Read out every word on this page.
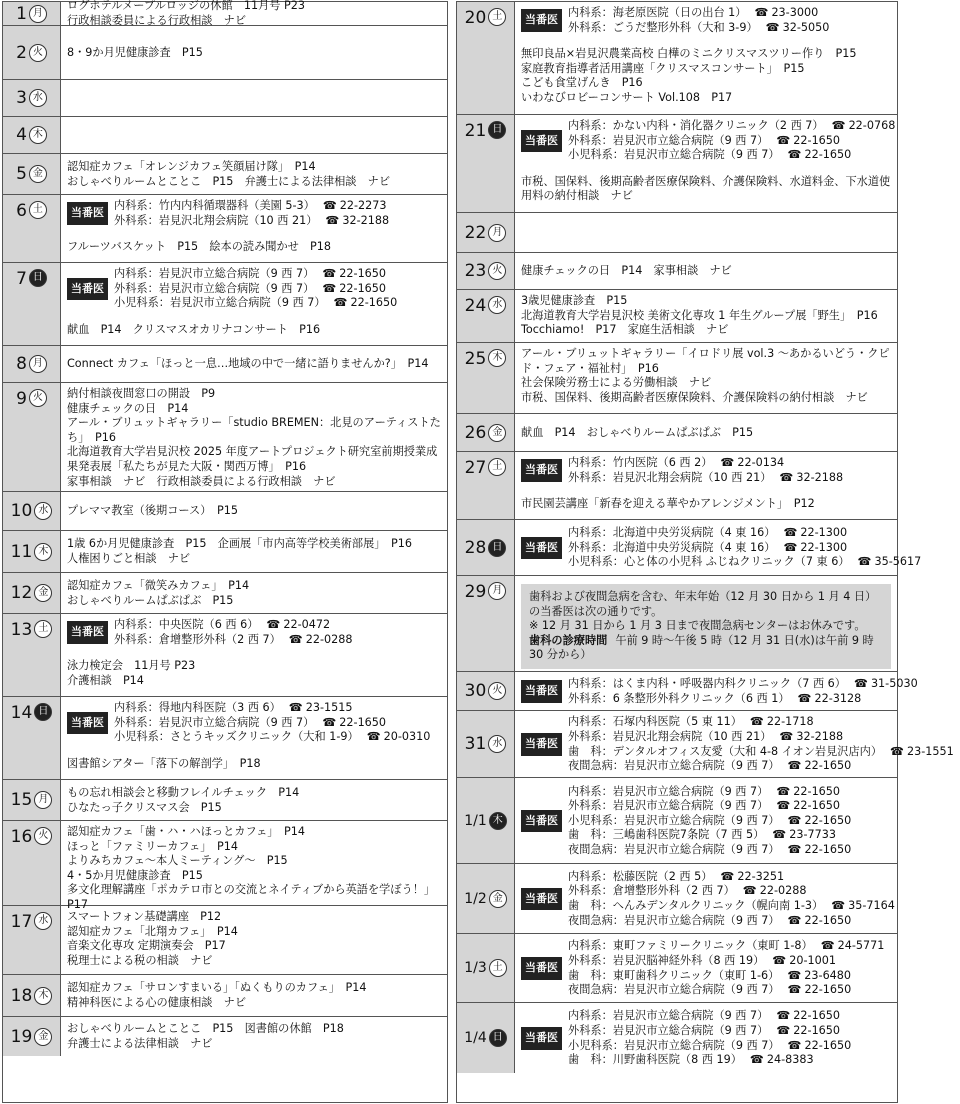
1 月
ログホテルメープルロッジの休館　11月号 P23
行政相談委員による行政相談　ナビ
2 火	8・9か月児健康診査　P15
3 水
4 木
5 金
認知症カフェ「オレンジカフェ笑顔届け隊」　P14
おしゃべりルームとことこ　P15　弁護士による法律相談　ナビ
6 土	当番医
内科系：竹内内科循環器科（美園 5-3） ☎ 22-2273
外科系：岩見沢北翔会病院（10 西 21） ☎ 32-2188
フルーツバスケット　P15　絵本の読み聞かせ　P18
7 日
当番医
内科系：岩見沢市立総合病院（9 西 7） ☎ 22-1650
外科系：岩見沢市立総合病院（9 西 7） ☎ 22-1650
小児科系：岩見沢市立総合病院（9 西 7） ☎ 22-1650
献血　P14　クリスマスオカリナコンサート　P16
8 月	Connect カフェ「ほっと一息…地域の中で一緒に語りませんか?」　P14
9 火	納付相談夜間窓口の開設　P9
健康チェックの日　P14
アール・ブリュットギャラリー「studio BREMEN：北見のアーティストたち」　P16
北海道教育大学岩見沢校 2025 年度アートプロジェクト研究室前期授業成果発表展「私たちが見た大阪・関西万博」　P16
家事相談　ナビ　行政相談委員による行政相談　ナビ
10 水	プレママ教室（後期コース）　P15
11 木
1歳 6か月児健康診査　P15　企画展「市内高等学校美術部展」　P16
人権困りごと相談　ナビ
12 金
認知症カフェ「微笑みカフェ」　P14
おしゃべりルームぱぶぱぶ　P15
13 土	当番医
内科系：中央医院（6 西 6） ☎ 22-0472
外科系：倉增整形外科（2 西 7） ☎ 22-0288
泳力検定会　11月号 P23
介護相談　P14
14 日
当番医
内科系：得地内科医院（3 西 6） ☎ 23-1515
外科系：岩見沢市立総合病院（9 西 7） ☎ 22-1650
小児科系：さとうキッズクリニック（大和 1-9） ☎ 20-0310
図書館シアター「落下の解剖学」　P18
15 月
もの忘れ相談会と移動フレイルチェック　P14
ひなたっ子クリスマス会　P15
16 火	認知症カフェ「歯・ハ・ハほっとカフェ」　P14
ほっと「ファミリーカフェ」　P14
よりみちカフェ～本人ミーティング～　P15
4・5か月児健康診査　P15
多文化理解講座「ポカテロ市との交流とネイティブから英語を学ぼう！」　P17
17 水	スマートフォン基礎講座　P12
認知症カフェ「北翔カフェ」　P14
音楽文化専攻 定期演奏会　P17
税理士による税の相談　ナビ
18 木
認知症カフェ「サロンすまいる」「ぬくもりのカフェ」　P14
精神科医による心の健康相談　ナビ
19 金
おしゃべりルームとことこ　P15　図書館の休館　P18
弁護士による法律相談　ナビ
20 土	当番医
内科系：海老原医院（日の出台 1） ☎ 23-3000
外科系：ごうだ整形外科（大和 3-9） ☎ 32-5050
無印良品×岩見沢農業高校 白樺のミニクリスマスツリー作り　P15
家庭教育指導者活用講座「クリスマスコンサート」　P15
こども食堂げんき　P16
いわなびロビーコンサート Vol.108　P17
21 日
当番医
内科系：かない内科・消化器クリニック（2 西 7） ☎ 22-0768
外科系：岩見沢市立総合病院（9 西 7） ☎ 22-1650
小児科系：岩見沢市立総合病院（9 西 7） ☎ 22-1650
市税、国保料、後期高齢者医療保険料、介護保険料、水道料金、下水道使用料の納付相談　ナビ
22 月
23 火	健康チェックの日　P14　家事相談　ナビ
24 水	3歳児健康診査　P15
北海道教育大学岩見沢校 美術文化専攻 1 年生グループ展「野生」　P16
Tocchiamo!　P17　家庭生活相談　ナビ
25 木	アール・ブリュットギャラリー「イロドリ展 vol.3 ～あかるいどう・クピド・フェア・福祉村」　P16
社会保険労務士による労働相談　ナビ
市税、国保料、後期高齢者医療保険料、介護保険料の納付相談　ナビ
26 金	献血　P14　おしゃべりルームぱぶぱぶ　P15
27 土	当番医
内科系：竹内医院（6 西 2） ☎ 22-0134
外科系：岩見沢北翔会病院（10 西 21） ☎ 32-2188
市民園芸講座「新春を迎える華やかアレンジメント」　P12
28 日	当番医
内科系：北海道中央労災病院（4 東 16） ☎ 22-1300
外科系：北海道中央労災病院（4 東 16） ☎ 22-1300
小児科系：心と体の小児科 ふじねクリニック（7 東 6） ☎ 35-5617
29 月	歯科および夜間急病を含む、年末年始（12 月 30 日から 1 月 4 日）の当番医は次の通りです。
※ 12 月 31 日から 1 月 3 日まで夜間急病センターはお休みです。
歯科の診療時間 午前 9 時～午後 5 時（12 月 31 日(水)は午前 9 時 30 分から）
30 火	当番医
内科系：はくま内科・呼吸器内科クリニック（7 西 6） ☎ 31-5030
外科系：6 条整形外科クリニック（6 西 1） ☎ 22-3128
31 水	当番医
内科系：石塚内科医院（5 東 11） ☎ 22-1718
外科系：岩見沢北翔会病院（10 西 21） ☎ 32-2188
歯　科：デンタルオフィス友愛（大和 4-8 イオン岩見沢店内） ☎ 23-1551
夜間急病：岩見沢市立総合病院（9 西 7） ☎ 22-1650
1/1 木	当番医
内科系：岩見沢市立総合病院（9 西 7） ☎ 22-1650
外科系：岩見沢市立総合病院（9 西 7） ☎ 22-1650
小児科系：岩見沢市立総合病院（9 西 7） ☎ 22-1650
歯　科：三嶋歯科医院7条院（7 西 5） ☎ 23-7733
夜間急病：岩見沢市立総合病院（9 西 7） ☎ 22-1650
1/2 金	当番医
内科系：松藤医院（2 西 5） ☎ 22-3251
外科系：倉增整形外科（2 西 7） ☎ 22-0288
歯　科：へんみデンタルクリニック（幌向南 1-3） ☎ 35-7164
夜間急病：岩見沢市立総合病院（9 西 7） ☎ 22-1650
1/3 土	当番医
内科系：東町ファミリークリニック（東町 1-8） ☎ 24-5771
外科系：岩見沢脳神経外科（8 西 19） ☎ 20-1001
歯　科：東町歯科クリニック（東町 1-6） ☎ 23-6480
夜間急病：岩見沢市立総合病院（9 西 7） ☎ 22-1650
1/4 日	当番医
内科系：岩見沢市立総合病院（9 西 7） ☎ 22-1650
外科系：岩見沢市立総合病院（9 西 7） ☎ 22-1650
小児科系：岩見沢市立総合病院（9 西 7） ☎ 22-1650
歯　科：川野歯科医院（8 西 19） ☎ 24-8383
